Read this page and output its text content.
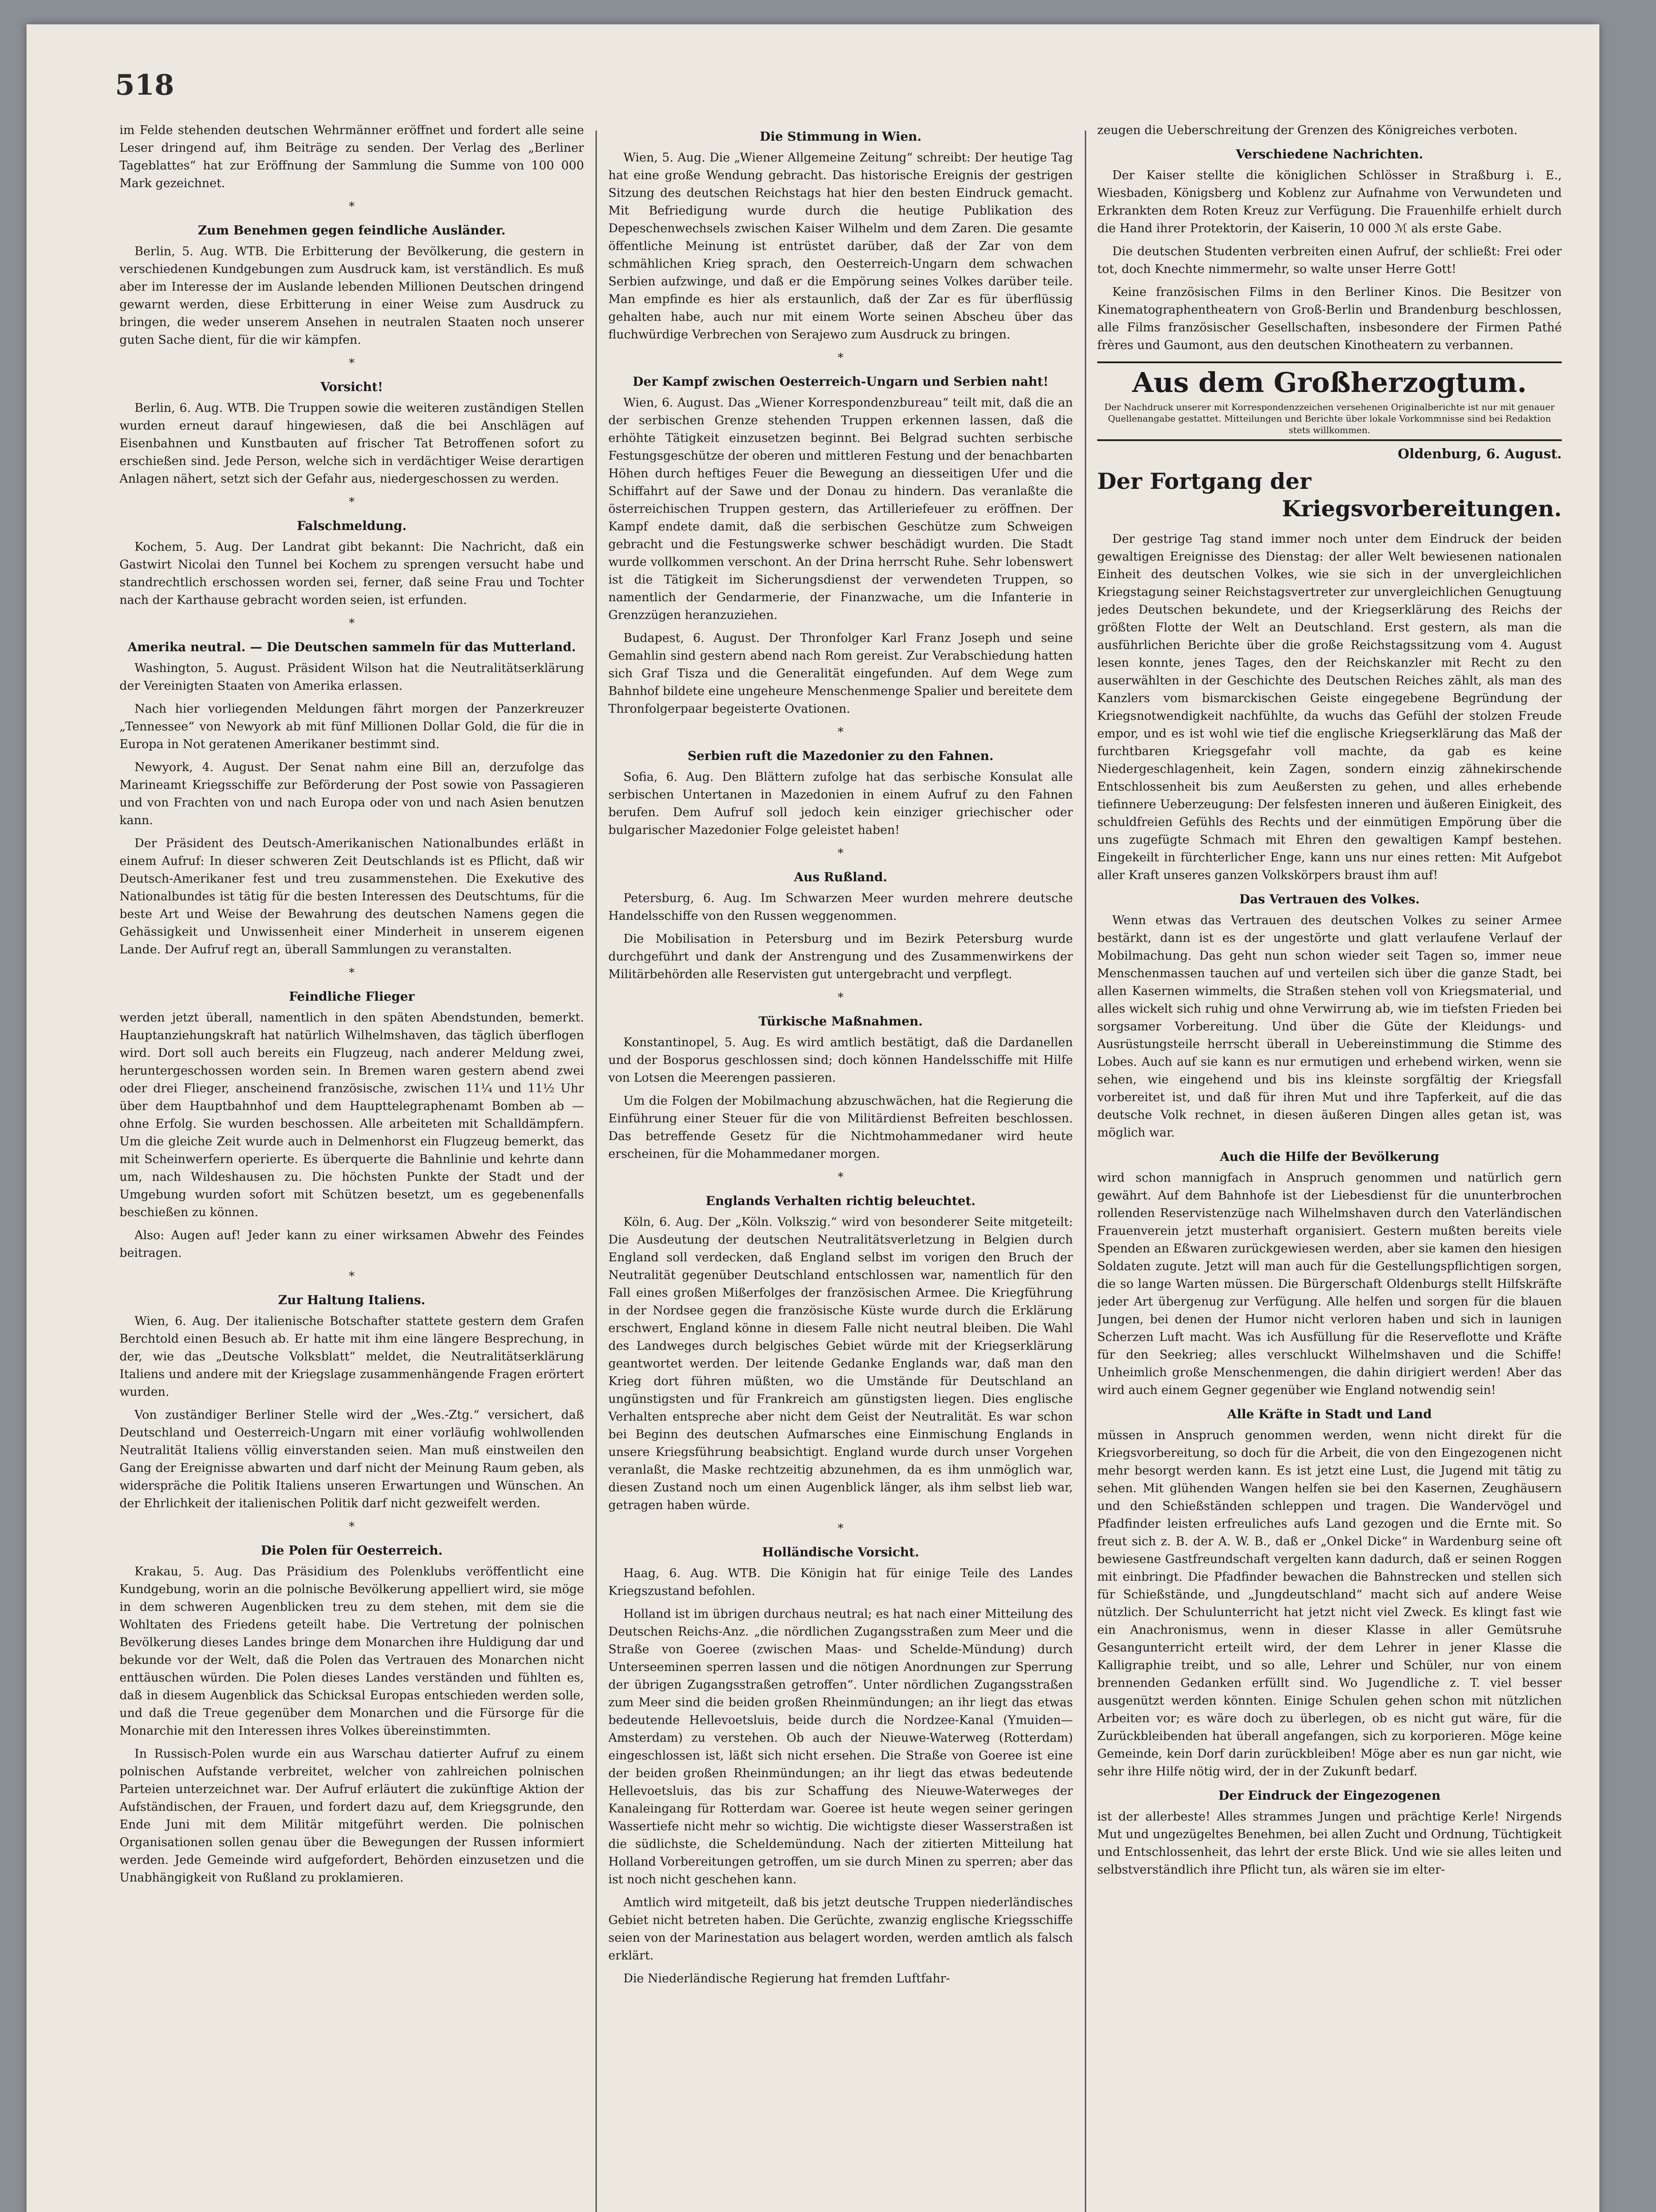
518

im Felde stehenden deutschen Wehrmänner eröffnet und fordert alle seine Leser dringend auf, ihm Beiträge zu senden. Der Verlag des „Berliner Tageblattes“ hat zur Eröffnung der Sammlung die Summe von 100 000 Mark gezeichnet.

*
Zum Benehmen gegen feindliche Ausländer.

Berlin, 5. Aug. WTB. Die Erbitterung der Bevölkerung, die gestern in verschiedenen Kundgebungen zum Ausdruck kam, ist verständlich. Es muß aber im Interesse der im Auslande lebenden Millionen Deutschen dringend gewarnt werden, diese Erbitterung in einer Weise zum Ausdruck zu bringen, die weder unserem Ansehen in neutralen Staaten noch unserer guten Sache dient, für die wir kämpfen.

*
Vorsicht!

Berlin, 6. Aug. WTB. Die Truppen sowie die weiteren zuständigen Stellen wurden erneut darauf hingewiesen, daß die bei Anschlägen auf Eisenbahnen und Kunstbauten auf frischer Tat Betroffenen sofort zu erschießen sind. Jede Person, welche sich in verdächtiger Weise derartigen Anlagen nähert, setzt sich der Gefahr aus, niedergeschossen zu werden.

*
Falschmeldung.

Kochem, 5. Aug. Der Landrat gibt bekannt: Die Nachricht, daß ein Gastwirt Nicolai den Tunnel bei Kochem zu sprengen versucht habe und standrechtlich erschossen worden sei, ferner, daß seine Frau und Tochter nach der Karthause gebracht worden seien, ist erfunden.

*
Amerika neutral. — Die Deutschen sammeln für das Mutterland.

Washington, 5. August. Präsident Wilson hat die Neutralitätserklärung der Vereinigten Staaten von Amerika erlassen.

Nach hier vorliegenden Meldungen fährt morgen der Panzerkreuzer „Tennessee“ von Newyork ab mit fünf Millionen Dollar Gold, die für die in Europa in Not geratenen Amerikaner bestimmt sind.

Newyork, 4. August. Der Senat nahm eine Bill an, derzufolge das Marineamt Kriegsschiffe zur Beförderung der Post sowie von Passagieren und von Frachten von und nach Europa oder von und nach Asien benutzen kann.

Der Präsident des Deutsch-Amerikanischen Nationalbundes erläßt in einem Aufruf: In dieser schweren Zeit Deutschlands ist es Pflicht, daß wir Deutsch-Amerikaner fest und treu zusammenstehen. Die Exekutive des Nationalbundes ist tätig für die besten Interessen des Deutschtums, für die beste Art und Weise der Bewahrung des deutschen Namens gegen die Gehässigkeit und Unwissenheit einer Minderheit in unserem eigenen Lande. Der Aufruf regt an, überall Sammlungen zu veranstalten.

*
Feindliche Flieger

werden jetzt überall, namentlich in den späten Abendstunden, bemerkt. Hauptanziehungskraft hat natürlich Wilhelmshaven, das täglich überflogen wird. Dort soll auch bereits ein Flugzeug, nach anderer Meldung zwei, heruntergeschossen worden sein. In Bremen waren gestern abend zwei oder drei Flieger, anscheinend französische, zwischen 11¼ und 11½ Uhr über dem Hauptbahnhof und dem Haupttelegraphenamt Bomben ab — ohne Erfolg. Sie wurden beschossen. Alle arbeiteten mit Schalldämpfern. Um die gleiche Zeit wurde auch in Delmenhorst ein Flugzeug bemerkt, das mit Scheinwerfern operierte. Es überquerte die Bahnlinie und kehrte dann um, nach Wildeshausen zu. Die höchsten Punkte der Stadt und der Umgebung wurden sofort mit Schützen besetzt, um es gegebenenfalls beschießen zu können.

Also: Augen auf! Jeder kann zu einer wirksamen Abwehr des Feindes beitragen.

*
Zur Haltung Italiens.

Wien, 6. Aug. Der italienische Botschafter stattete gestern dem Grafen Berchtold einen Besuch ab. Er hatte mit ihm eine längere Besprechung, in der, wie das „Deutsche Volksblatt“ meldet, die Neutralitätserklärung Italiens und andere mit der Kriegslage zusammenhängende Fragen erörtert wurden.

Von zuständiger Berliner Stelle wird der „Wes.-Ztg.“ versichert, daß Deutschland und Oesterreich-Ungarn mit einer vorläufig wohlwollenden Neutralität Italiens völlig einverstanden seien. Man muß einstweilen den Gang der Ereignisse abwarten und darf nicht der Meinung Raum geben, als widerspräche die Politik Italiens unseren Erwartungen und Wünschen. An der Ehrlichkeit der italienischen Politik darf nicht gezweifelt werden.

*
Die Polen für Oesterreich.

Krakau, 5. Aug. Das Präsidium des Polenklubs veröffentlicht eine Kundgebung, worin an die polnische Bevölkerung appelliert wird, sie möge in dem schweren Augenblicken treu zu dem stehen, mit dem sie die Wohltaten des Friedens geteilt habe. Die Vertretung der polnischen Bevölkerung dieses Landes bringe dem Monarchen ihre Huldigung dar und bekunde vor der Welt, daß die Polen das Vertrauen des Monarchen nicht enttäuschen würden. Die Polen dieses Landes verständen und fühlten es, daß in diesem Augenblick das Schicksal Europas entschieden werden solle, und daß die Treue gegenüber dem Monarchen und die Fürsorge für die Monarchie mit den Interessen ihres Volkes übereinstimmten.

In Russisch-Polen wurde ein aus Warschau datierter Aufruf zu einem polnischen Aufstande verbreitet, welcher von zahlreichen polnischen Parteien unterzeichnet war. Der Aufruf erläutert die zukünftige Aktion der Aufständischen, der Frauen, und fordert dazu auf, dem Kriegsgrunde, den Ende Juni mit dem Militär mitgeführt werden. Die polnischen Organisationen sollen genau über die Bewegungen der Russen informiert werden. Jede Gemeinde wird aufgefordert, Behörden einzusetzen und die Unabhängigkeit von Rußland zu proklamieren.

Die Stimmung in Wien.

Wien, 5. Aug. Die „Wiener Allgemeine Zeitung“ schreibt: Der heutige Tag hat eine große Wendung gebracht. Das historische Ereignis der gestrigen Sitzung des deutschen Reichstags hat hier den besten Eindruck gemacht. Mit Befriedigung wurde durch die heutige Publikation des Depeschenwechsels zwischen Kaiser Wilhelm und dem Zaren. Die gesamte öffentliche Meinung ist entrüstet darüber, daß der Zar von dem schmählichen Krieg sprach, den Oesterreich-Ungarn dem schwachen Serbien aufzwinge, und daß er die Empörung seines Volkes darüber teile. Man empfinde es hier als erstaunlich, daß der Zar es für überflüssig gehalten habe, auch nur mit einem Worte seinen Abscheu über das fluchwürdige Verbrechen von Serajewo zum Ausdruck zu bringen.

*
Der Kampf zwischen Oesterreich-Ungarn und Serbien naht!

Wien, 6. August. Das „Wiener Korrespondenzbureau“ teilt mit, daß die an der serbischen Grenze stehenden Truppen erkennen lassen, daß die erhöhte Tätigkeit einzusetzen beginnt. Bei Belgrad suchten serbische Festungsgeschütze der oberen und mittleren Festung und der benachbarten Höhen durch heftiges Feuer die Bewegung an diesseitigen Ufer und die Schiffahrt auf der Sawe und der Donau zu hindern. Das veranlaßte die österreichischen Truppen gestern, das Artilleriefeuer zu eröffnen. Der Kampf endete damit, daß die serbischen Geschütze zum Schweigen gebracht und die Festungswerke schwer beschädigt wurden. Die Stadt wurde vollkommen verschont. An der Drina herrscht Ruhe. Sehr lobenswert ist die Tätigkeit im Sicherungsdienst der verwendeten Truppen, so namentlich der Gendarmerie, der Finanzwache, um die Infanterie in Grenzzügen heranzuziehen.

Budapest, 6. August. Der Thronfolger Karl Franz Joseph und seine Gemahlin sind gestern abend nach Rom gereist. Zur Verabschiedung hatten sich Graf Tisza und die Generalität eingefunden. Auf dem Wege zum Bahnhof bildete eine ungeheure Menschenmenge Spalier und bereitete dem Thronfolgerpaar begeisterte Ovationen.

*
Serbien ruft die Mazedonier zu den Fahnen.

Sofia, 6. Aug. Den Blättern zufolge hat das serbische Konsulat alle serbischen Untertanen in Mazedonien in einem Aufruf zu den Fahnen berufen. Dem Aufruf soll jedoch kein einziger griechischer oder bulgarischer Mazedonier Folge geleistet haben!

*
Aus Rußland.

Petersburg, 6. Aug. Im Schwarzen Meer wurden mehrere deutsche Handelsschiffe von den Russen weggenommen.

Die Mobilisation in Petersburg und im Bezirk Petersburg wurde durchgeführt und dank der Anstrengung und des Zusammenwirkens der Militärbehörden alle Reservisten gut untergebracht und verpflegt.

*
Türkische Maßnahmen.

Konstantinopel, 5. Aug. Es wird amtlich bestätigt, daß die Dardanellen und der Bosporus geschlossen sind; doch können Handelsschiffe mit Hilfe von Lotsen die Meerengen passieren.

Um die Folgen der Mobilmachung abzuschwächen, hat die Regierung die Einführung einer Steuer für die von Militärdienst Befreiten beschlossen. Das betreffende Gesetz für die Nichtmohammedaner wird heute erscheinen, für die Mohammedaner morgen.

*
Englands Verhalten richtig beleuchtet.

Köln, 6. Aug. Der „Köln. Volkszig.“ wird von besonderer Seite mitgeteilt: Die Ausdeutung der deutschen Neutralitätsverletzung in Belgien durch England soll verdecken, daß England selbst im vorigen den Bruch der Neutralität gegenüber Deutschland entschlossen war, namentlich für den Fall eines großen Mißerfolges der französischen Armee. Die Kriegführung in der Nordsee gegen die französische Küste wurde durch die Erklärung erschwert, England könne in diesem Falle nicht neutral bleiben. Die Wahl des Landweges durch belgisches Gebiet würde mit der Kriegserklärung geantwortet werden. Der leitende Gedanke Englands war, daß man den Krieg dort führen müßten, wo die Umstände für Deutschland an ungünstigsten und für Frankreich am günstigsten liegen. Dies englische Verhalten entspreche aber nicht dem Geist der Neutralität. Es war schon bei Beginn des deutschen Aufmarsches eine Einmischung Englands in unsere Kriegsführung beabsichtigt. England wurde durch unser Vorgehen veranlaßt, die Maske rechtzeitig abzunehmen, da es ihm unmöglich war, diesen Zustand noch um einen Augenblick länger, als ihm selbst lieb war, getragen haben würde.

*
Holländische Vorsicht.

Haag, 6. Aug. WTB. Die Königin hat für einige Teile des Landes Kriegszustand befohlen.

Holland ist im übrigen durchaus neutral; es hat nach einer Mitteilung des Deutschen Reichs-Anz. „die nördlichen Zugangsstraßen zum Meer und die Straße von Goeree (zwischen Maas- und Schelde-Mündung) durch Unterseeminen sperren lassen und die nötigen Anordnungen zur Sperrung der übrigen Zugangsstraßen getroffen“. Unter nördlichen Zugangsstraßen zum Meer sind die beiden großen Rheinmündungen; an ihr liegt das etwas bedeutende Hellevoetsluis, beide durch die Nordzee-Kanal (Ymuiden—Amsterdam) zu verstehen. Ob auch der Nieuwe-Waterweg (Rotterdam) eingeschlossen ist, läßt sich nicht ersehen. Die Straße von Goeree ist eine der beiden großen Rheinmündungen; an ihr liegt das etwas bedeutende Hellevoetsluis, das bis zur Schaffung des Nieuwe-Waterweges der Kanaleingang für Rotterdam war. Goeree ist heute wegen seiner geringen Wassertiefe nicht mehr so wichtig. Die wichtigste dieser Wasserstraßen ist die südlichste, die Scheldemündung. Nach der zitierten Mitteilung hat Holland Vorbereitungen getroffen, um sie durch Minen zu sperren; aber das ist noch nicht geschehen kann.

Amtlich wird mitgeteilt, daß bis jetzt deutsche Truppen niederländisches Gebiet nicht betreten haben. Die Gerüchte, zwanzig englische Kriegsschiffe seien von der Marinestation aus belagert worden, werden amtlich als falsch erklärt.

Die Niederländische Regierung hat fremden Luftfahr-

zeugen die Ueberschreitung der Grenzen des Königreiches verboten.

Verschiedene Nachrichten.

Der Kaiser stellte die königlichen Schlösser in Straßburg i. E., Wiesbaden, Königsberg und Koblenz zur Aufnahme von Verwundeten und Erkrankten dem Roten Kreuz zur Verfügung. Die Frauenhilfe erhielt durch die Hand ihrer Protektorin, der Kaiserin, 10 000 ℳ als erste Gabe.

Die deutschen Studenten verbreiten einen Aufruf, der schließt: Frei oder tot, doch Knechte nimmermehr, so walte unser Herre Gott!

Keine französischen Films in den Berliner Kinos. Die Besitzer von Kinematographentheatern von Groß-Berlin und Brandenburg beschlossen, alle Films französischer Gesellschaften, insbesondere der Firmen Pathé frères und Gaumont, aus den deutschen Kinotheatern zu verbannen.

Aus dem Großherzogtum.
Der Nachdruck unserer mit Korrespondenzzeichen versehenen Originalberichte ist nur mit genauer Quellenangabe gestattet. Mitteilungen und Berichte über lokale Vorkommnisse sind bei Redaktion stets willkommen.
Oldenburg, 6. August.
Der Fortgang der
Kriegsvorbereitungen.

Der gestrige Tag stand immer noch unter dem Eindruck der beiden gewaltigen Ereignisse des Dienstag: der aller Welt bewiesenen nationalen Einheit des deutschen Volkes, wie sie sich in der unvergleichlichen Kriegstagung seiner Reichstagsvertreter zur unvergleichlichen Genugtuung jedes Deutschen bekundete, und der Kriegserklärung des Reichs der größten Flotte der Welt an Deutschland. Erst gestern, als man die ausführlichen Berichte über die große Reichstagssitzung vom 4. August lesen konnte, jenes Tages, den der Reichskanzler mit Recht zu den auserwählten in der Geschichte des Deutschen Reiches zählt, als man des Kanzlers vom bismarckischen Geiste eingegebene Begründung der Kriegsnotwendigkeit nachfühlte, da wuchs das Gefühl der stolzen Freude empor, und es ist wohl wie tief die englische Kriegserklärung das Maß der furchtbaren Kriegsgefahr voll machte, da gab es keine Niedergeschlagenheit, kein Zagen, sondern einzig zähnekirschende Entschlossenheit bis zum Aeußersten zu gehen, und alles erhebende tiefinnere Ueberzeugung: Der felsfesten inneren und äußeren Einigkeit, des schuldfreien Gefühls des Rechts und der einmütigen Empörung über die uns zugefügte Schmach mit Ehren den gewaltigen Kampf bestehen. Eingekeilt in fürchterlicher Enge, kann uns nur eines retten: Mit Aufgebot aller Kraft unseres ganzen Volkskörpers braust ihm auf!

Das Vertrauen des Volkes.

Wenn etwas das Vertrauen des deutschen Volkes zu seiner Armee bestärkt, dann ist es der ungestörte und glatt verlaufene Verlauf der Mobilmachung. Das geht nun schon wieder seit Tagen so, immer neue Menschenmassen tauchen auf und verteilen sich über die ganze Stadt, bei allen Kasernen wimmelts, die Straßen stehen voll von Kriegsmaterial, und alles wickelt sich ruhig und ohne Verwirrung ab, wie im tiefsten Frieden bei sorgsamer Vorbereitung. Und über die Güte der Kleidungs- und Ausrüstungsteile herrscht überall in Uebereinstimmung die Stimme des Lobes. Auch auf sie kann es nur ermutigen und erhebend wirken, wenn sie sehen, wie eingehend und bis ins kleinste sorgfältig der Kriegsfall vorbereitet ist, und daß für ihren Mut und ihre Tapferkeit, auf die das deutsche Volk rechnet, in diesen äußeren Dingen alles getan ist, was möglich war.

Auch die Hilfe der Bevölkerung

wird schon mannigfach in Anspruch genommen und natürlich gern gewährt. Auf dem Bahnhofe ist der Liebesdienst für die ununterbrochen rollenden Reservistenzüge nach Wilhelmshaven durch den Vaterländischen Frauenverein jetzt musterhaft organisiert. Gestern mußten bereits viele Spenden an Eßwaren zurückgewiesen werden, aber sie kamen den hiesigen Soldaten zugute. Jetzt will man auch für die Gestellungspflichtigen sorgen, die so lange Warten müssen. Die Bürgerschaft Oldenburgs stellt Hilfskräfte jeder Art übergenug zur Verfügung. Alle helfen und sorgen für die blauen Jungen, bei denen der Humor nicht verloren haben und sich in launigen Scherzen Luft macht. Was ich Ausfüllung für die Reserveflotte und Kräfte für den Seekrieg; alles verschluckt Wilhelmshaven und die Schiffe! Unheimlich große Menschenmengen, die dahin dirigiert werden! Aber das wird auch einem Gegner gegenüber wie England notwendig sein!

Alle Kräfte in Stadt und Land

müssen in Anspruch genommen werden, wenn nicht direkt für die Kriegsvorbereitung, so doch für die Arbeit, die von den Eingezogenen nicht mehr besorgt werden kann. Es ist jetzt eine Lust, die Jugend mit tätig zu sehen. Mit glühenden Wangen helfen sie bei den Kasernen, Zeughäusern und den Schießständen schleppen und tragen. Die Wandervögel und Pfadfinder leisten erfreuliches aufs Land gezogen und die Ernte mit. So freut sich z. B. der A. W. B., daß er „Onkel Dicke“ in Wardenburg seine oft bewiesene Gastfreundschaft vergelten kann dadurch, daß er seinen Roggen mit einbringt. Die Pfadfinder bewachen die Bahnstrecken und stellen sich für Schießstände, und „Jungdeutschland“ macht sich auf andere Weise nützlich. Der Schulunterricht hat jetzt nicht viel Zweck. Es klingt fast wie ein Anachronismus, wenn in dieser Klasse in aller Gemütsruhe Gesangunterricht erteilt wird, der dem Lehrer in jener Klasse die Kalligraphie treibt, und so alle, Lehrer und Schüler, nur von einem brennenden Gedanken erfüllt sind. Wo Jugendliche z. T. viel besser ausgenützt werden könnten. Einige Schulen gehen schon mit nützlichen Arbeiten vor; es wäre doch zu überlegen, ob es nicht gut wäre, für die Zurückbleibenden hat überall angefangen, sich zu korporieren. Möge keine Gemeinde, kein Dorf darin zurückbleiben! Möge aber es nun gar nicht, wie sehr ihre Hilfe nötig wird, der in der Zukunft bedarf.

Der Eindruck der Eingezogenen

ist der allerbeste! Alles strammes Jungen und prächtige Kerle! Nirgends Mut und ungezügeltes Benehmen, bei allen Zucht und Ordnung, Tüchtigkeit und Entschlossenheit, das lehrt der erste Blick. Und wie sie alles leiten und selbstverständlich ihre Pflicht tun, als wären sie im elter-
